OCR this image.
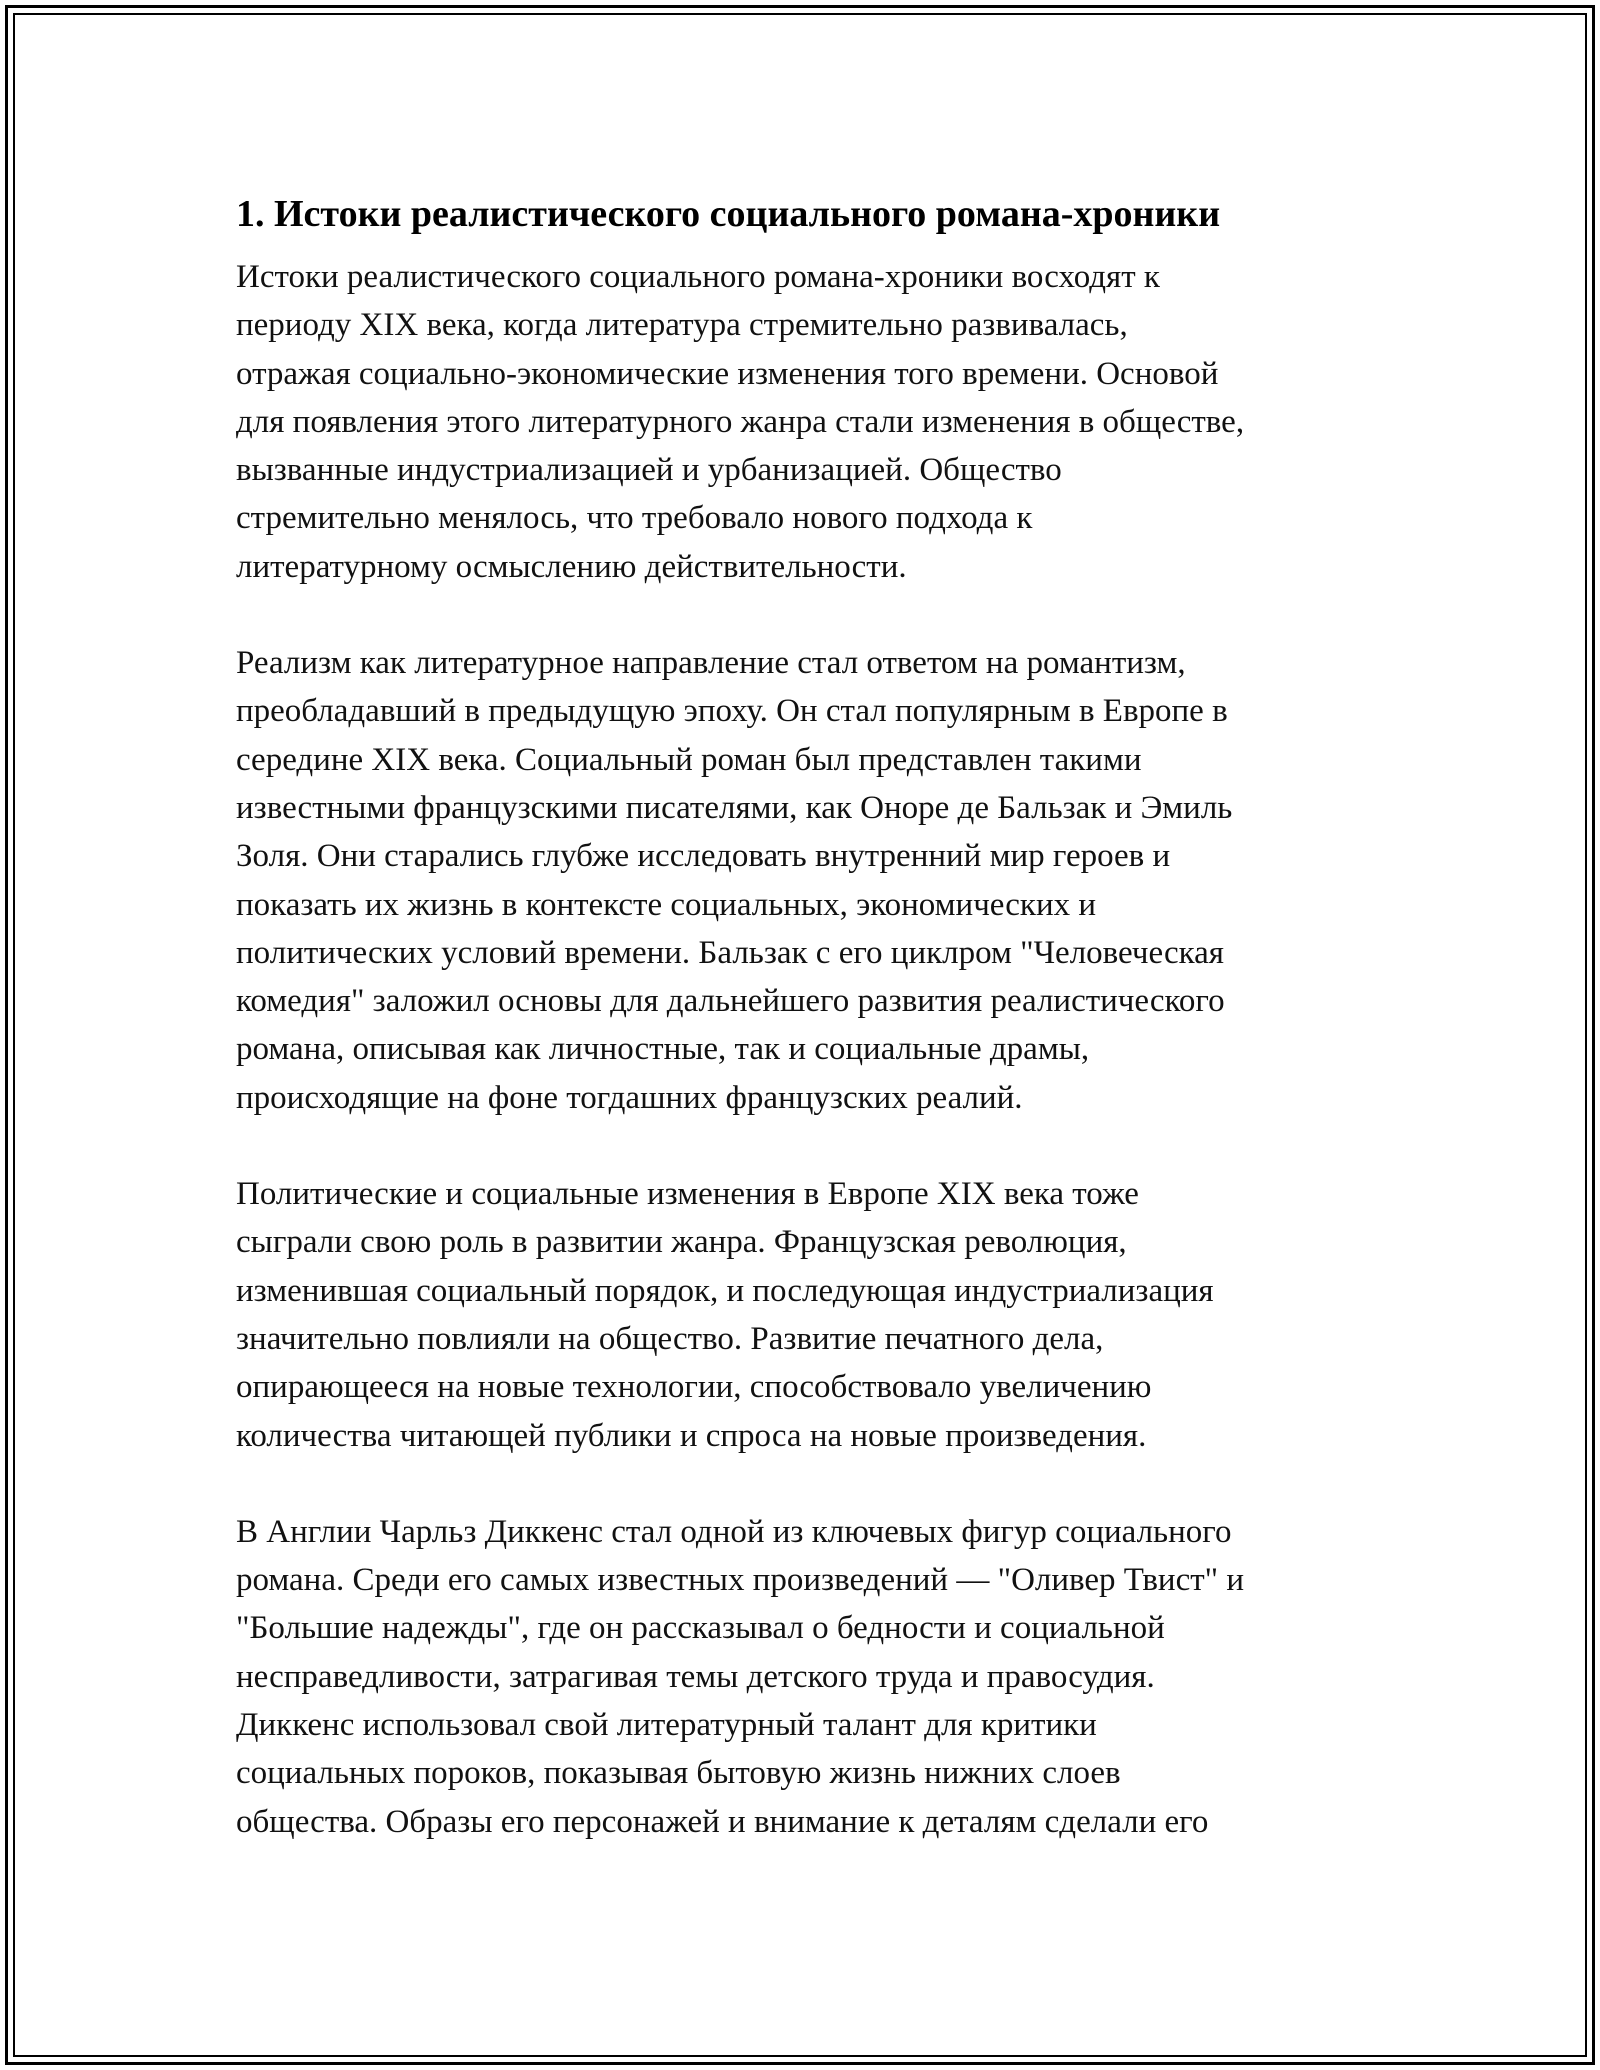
1. Истоки реалистического социального романа-хроники
Истоки реалистического социального романа-хроники восходят к
периоду XIX века, когда литература стремительно развивалась,
отражая социально-экономические изменения того времени. Основой
для появления этого литературного жанра стали изменения в обществе,
вызванные индустриализацией и урбанизацией. Общество
стремительно менялось, что требовало нового подхода к
литературному осмыслению действительности.
Реализм как литературное направление стал ответом на романтизм,
преобладавший в предыдущую эпоху. Он стал популярным в Европе в
середине XIX века. Социальный роман был представлен такими
известными французскими писателями, как Оноре де Бальзак и Эмиль
Золя. Они старались глубже исследовать внутренний мир героев и
показать их жизнь в контексте социальных, экономических и
политических условий времени. Бальзак с его циклром "Человеческая
комедия" заложил основы для дальнейшего развития реалистического
романа, описывая как личностные, так и социальные драмы,
происходящие на фоне тогдашних французских реалий.
Политические и социальные изменения в Европе XIX века тоже
сыграли свою роль в развитии жанра. Французская революция,
изменившая социальный порядок, и последующая индустриализация
значительно повлияли на общество. Развитие печатного дела,
опирающееся на новые технологии, способствовало увеличению
количества читающей публики и спроса на новые произведения.
В Англии Чарльз Диккенс стал одной из ключевых фигур социального
романа. Среди его самых известных произведений — "Оливер Твист" и
"Большие надежды", где он рассказывал о бедности и социальной
несправедливости, затрагивая темы детского труда и правосудия.
Диккенс использовал свой литературный талант для критики
социальных пороков, показывая бытовую жизнь нижних слоев
общества. Образы его персонажей и внимание к деталям сделали его
